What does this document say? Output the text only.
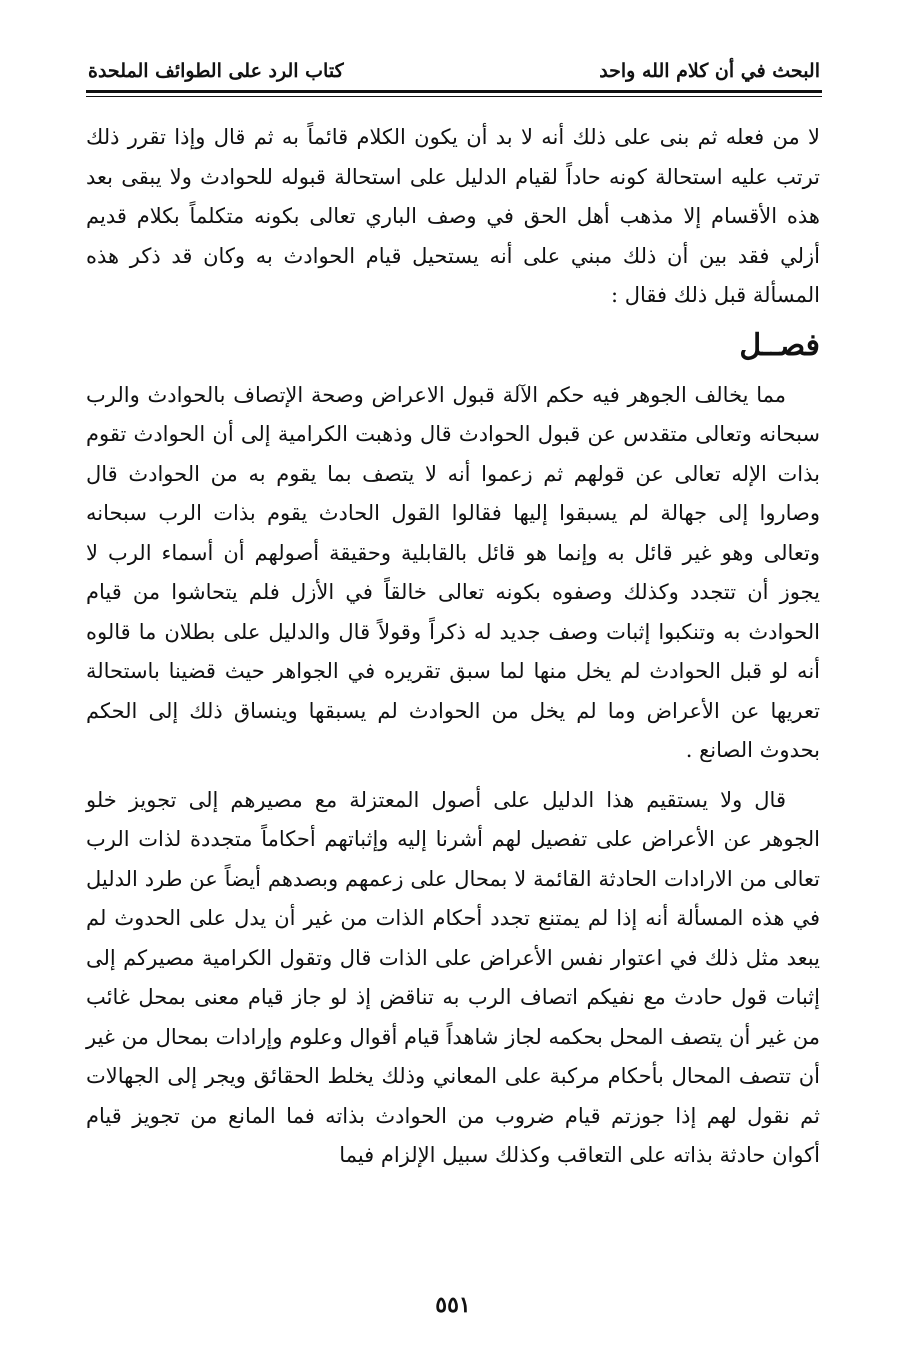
البحث في أن كلام الله واحد
كتاب الرد على الطوائف الملحدة

لا من فعله ثم بنى على ذلك أنه لا بد أن يكون الكلام قائماً به ثم قال وإذا تقرر ذلك ترتب عليه استحالة كونه حاداً لقيام الدليل على استحالة قبوله للحوادث ولا يبقى بعد هذه الأقسام إلا مذهب أهل الحق في وصف الباري تعالى بكونه متكلماً بكلام قديم أزلي فقد بين أن ذلك مبني على أنه يستحيل قيام الحوادث به وكان قد ذكر هذه المسألة قبل ذلك فقال :

فصــل

مما يخالف الجوهر فيه حكم الآلة قبول الاعراض وصحة الإتصاف بالحوادث والرب سبحانه وتعالى متقدس عن قبول الحوادث قال وذهبت الكرامية إلى أن الحوادث تقوم بذات الإله تعالى عن قولهم ثم زعموا أنه لا يتصف بما يقوم به من الحوادث قال وصاروا إلى جهالة لم يسبقوا إليها فقالوا القول الحادث يقوم بذات الرب سبحانه وتعالى وهو غير قائل به وإنما هو قائل بالقابلية وحقيقة أصولهم أن أسماء الرب لا يجوز أن تتجدد وكذلك وصفوه بكونه تعالى خالقاً في الأزل فلم يتحاشوا من قيام الحوادث به وتنكبوا إثبات وصف جديد له ذكراً وقولاً قال والدليل على بطلان ما قالوه أنه لو قبل الحوادث لم يخل منها لما سبق تقريره في الجواهر حيث قضينا باستحالة تعريها عن الأعراض وما لم يخل من الحوادث لم يسبقها وينساق ذلك إلى الحكم بحدوث الصانع .

قال ولا يستقيم هذا الدليل على أصول المعتزلة مع مصيرهم إلى تجويز خلو الجوهر عن الأعراض على تفصيل لهم أشرنا إليه وإثباتهم أحكاماً متجددة لذات الرب تعالى من الارادات الحادثة القائمة لا بمحال على زعمهم وبصدهم أيضاً عن طرد الدليل في هذه المسألة أنه إذا لم يمتنع تجدد أحكام الذات من غير أن يدل على الحدوث لم يبعد مثل ذلك في اعتوار نفس الأعراض على الذات قال وتقول الكرامية مصيركم إلى إثبات قول حادث مع نفيكم اتصاف الرب به تناقض إذ لو جاز قيام معنى بمحل غائب من غير أن يتصف المحل بحكمه لجاز شاهداً قيام أقوال وعلوم وإرادات بمحال من غير أن تتصف المحال بأحكام مركبة على المعاني وذلك يخلط الحقائق ويجر إلى الجهالات ثم نقول لهم إذا جوزتم قيام ضروب من الحوادث بذاته فما المانع من تجويز قيام أكوان حادثة بذاته على التعاقب وكذلك سبيل الإلزام فيما

٥٥١
